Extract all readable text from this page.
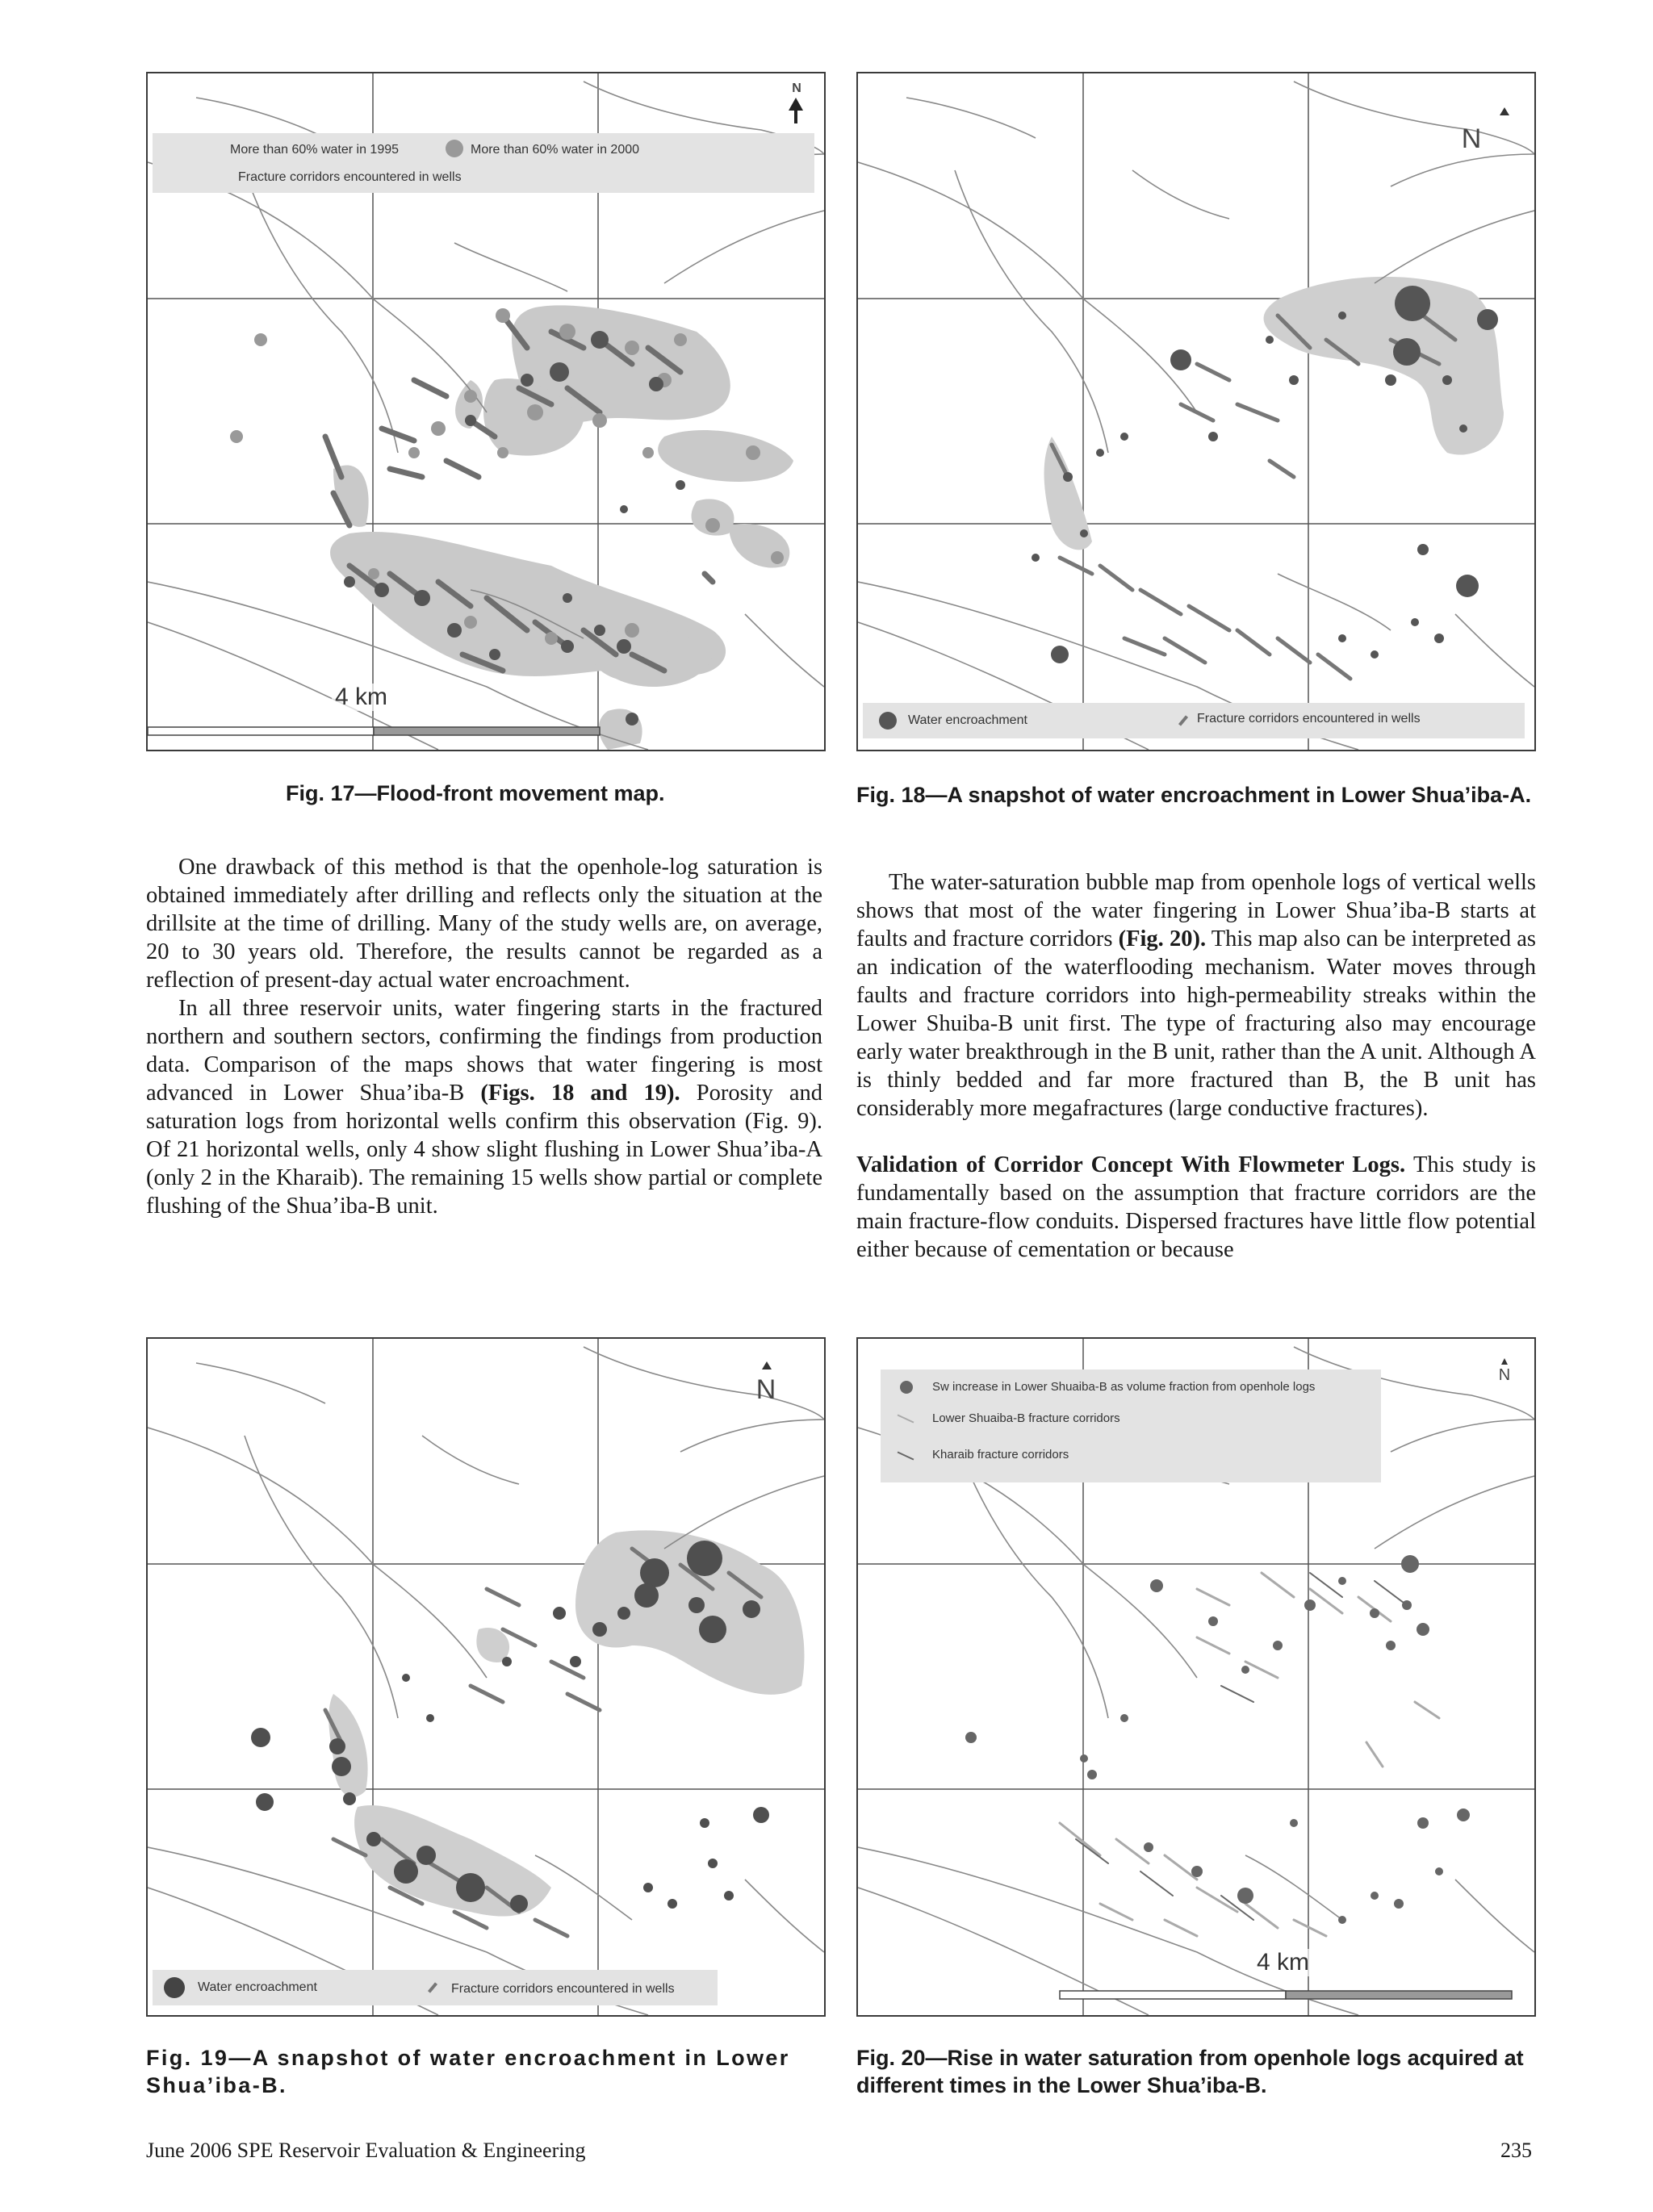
More than 60% water in 1995	More than 60% water in 2000
Fracture corridors encountered in wells
N
4 km
Fig. 17—Flood-front movement map.
N
Water encroachment	Fracture corridors encountered in wells
Fig. 18—A snapshot of water encroachment in Lower Shua’iba-A.

One drawback of this method is that the openhole-log saturation is obtained immediately after drilling and reflects only the situation at the drillsite at the time of drilling. Many of the study wells are, on average, 20 to 30 years old. Therefore, the results cannot be regarded as a reflection of present-day actual water encroachment.

In all three reservoir units, water fingering starts in the fractured northern and southern sectors, confirming the findings from production data. Comparison of the maps shows that water fingering is most advanced in Lower Shua’iba-B (Figs. 18 and 19). Porosity and saturation logs from horizontal wells confirm this observation (Fig. 9). Of 21 horizontal wells, only 4 show slight flushing in Lower Shua’iba-A (only 2 in the Kharaib). The remaining 15 wells show partial or complete flushing of the Shua’iba-B unit.

The water-saturation bubble map from openhole logs of vertical wells shows that most of the water fingering in Lower Shua’iba-B starts at faults and fracture corridors (Fig. 20). This map also can be interpreted as an indication of the waterflooding mechanism. Water moves through faults and fracture corridors into high-permeability streaks within the Lower Shuiba-B unit first. The type of fracturing also may encourage early water breakthrough in the B unit, rather than the A unit. Although A is thinly bedded and far more fractured than B, the B unit has considerably more megafractures (large conductive fractures).

Validation of Corridor Concept With Flowmeter Logs. This study is fundamentally based on the assumption that fracture corridors are the main fracture-flow conduits. Dispersed fractures have little flow potential either because of cementation or because

N
Water encroachment	Fracture corridors encountered in wells
Fig. 19—A snapshot of water encroachment in Lower Shua’iba-B.
Sw increase in Lower Shuaiba-B as volume fraction from openhole logs
Lower Shuaiba-B fracture corridors
Kharaib fracture corridors
N
4 km
Fig. 20—Rise in water saturation from openhole logs acquired at different times in the Lower Shua’iba-B.
June 2006 SPE Reservoir Evaluation & Engineering	235
